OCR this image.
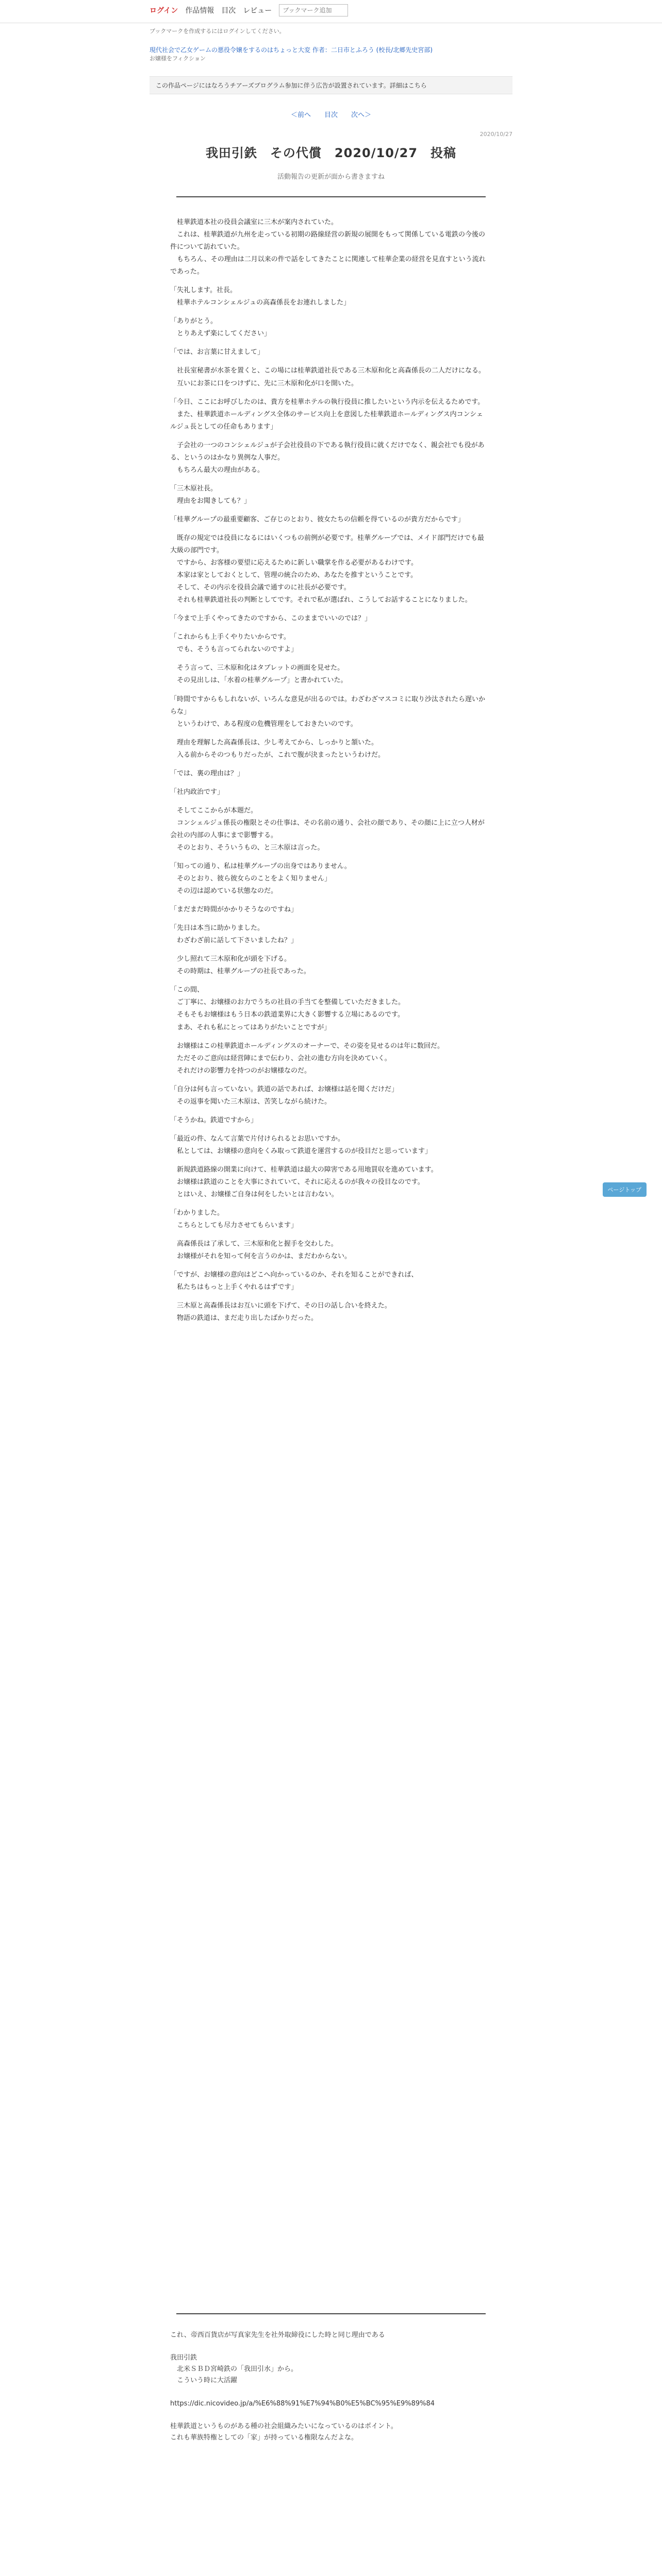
ログイン 作品情報 目次 レビュー
ブックマーク追加
ブックマークを作成するにはログインしてください。
現代社会で乙女ゲームの悪役令嬢をするのはちょっと大変 作者：二日市とふろう (校長/北郷先史宮部)
お嬢様をフィクション
この作品ページにはなろうチアーズプログラム参加に伴う広告が設置されています。詳細はこちら
＜前へ 目次 次へ＞
2020/10/27
我田引鉄　その代償　2020/10/27　投稿
活動報告の更新が面から書きますね
　桂華鉄道本社の役員会議室に三木が案内されていた。
　これは、桂華鉄道が九州を走っている初期の路線経営の新規の展開をもって関係している電鉄の今後の件について訪れていた。
　もちろん、その理由は二月以来の件で話をしてきたことに関連して桂華企業の経営を見直すという流れであった。
「失礼します。社長。
　桂華ホテルコンシェルジュの高森係長をお連れしました」
「ありがとう。
　とりあえず楽にしてください」
「では、お言葉に甘えまして」
　社長室秘書が水茶を置くと、この場には桂華鉄道社長である三木原和化と高森係長の二人だけになる。
　互いにお茶に口をつけずに、先に三木原和化が口を開いた。
「今日、ここにお呼びしたのは、貴方を桂華ホテルの執行役員に推したいという内示を伝えるためです。
　また、桂華鉄道ホールディングス全体のサービス向上を意図した桂華鉄道ホールディングス内コンシェルジュ長としての任命もあります」
　子会社の一つのコンシェルジュが子会社役員の下である執行役員に就くだけでなく、親会社でも役がある、というのはかなり異例な人事だ。
　もちろん最大の理由がある。
「三木原社長。
　理由をお聞きしても？」
「桂華グループの最重要顧客、ご存じのとおり、彼女たちの信頼を得ているのが貴方だからです」
　既存の規定では役員になるにはいくつもの前例が必要です。桂華グループでは、メイド部門だけでも最大級の部門です。
　ですから、お客様の要望に応えるために新しい職掌を作る必要があるわけです。
　本家は家としておくとして、管理の統合のため、あなたを推すということです。
　そして、その内示を役員会議で通すのに社長が必要です。
　それも桂華鉄道社長の判断としてです。それで私が選ばれ、こうしてお話することになりました。
「今まで上手くやってきたのですから、このままでいいのでは？」
「これからも上手くやりたいからです。
　でも、そうも言ってられないのですよ」
　そう言って、三木原和化はタブレットの画面を見せた。
　その見出しは、「水着の桂華グループ」と書かれていた。
「時間ですからもしれないが、いろんな意見が出るのでは。わざわざマスコミに取り沙汰されたら遅いからな」
　というわけで、ある程度の危機管理をしておきたいのです。
　理由を理解した高森係長は、少し考えてから、しっかりと頷いた。
　入る前からそのつもりだったが、これで腹が決まったというわけだ。
「では、裏の理由は？」
「社内政治です」
　そしてここからが本題だ。
　コンシェルジュ係長の権限とその仕事は、その名前の通り、会社の顔であり、その顔に上に立つ人材が会社の内部の人事にまで影響する。
　そのとおり、そういうもの、と三木原は言った。
「知っての通り、私は桂華グループの出身ではありません。
　そのとおり、彼ら彼女らのことをよく知りません」
　その辺は認めている状態なのだ。
「まだまだ時間がかかりそうなのですね」
「先日は本当に助かりました。
　わざわざ前に話して下さいましたね？」
　少し照れて三木原和化が頭を下げる。
　その時期は、桂華グループの社長であった。
「この間、
　ご丁寧に、お嬢様のお力でうちの社員の手当てを整備していただきました。
　そもそもお嬢様はもう日本の鉄道業界に大きく影響する立場にあるのです。
　まあ、それも私にとってはありがたいことですが」
　お嬢様はこの桂華鉄道ホールディングスのオーナーで、その姿を見せるのは年に数回だ。
　ただそのご意向は経営陣にまで伝わり、会社の進む方向を決めていく。
　それだけの影響力を持つのがお嬢様なのだ。
「自分は何も言っていない。鉄道の話であれば、お嬢様は話を聞くだけだ」
　その返事を聞いた三木原は、苦笑しながら続けた。
「そうかね。鉄道ですから」
「最近の件、なんて言葉で片付けられるとお思いですか。
　私としては、お嬢様の意向をくみ取って鉄道を運営するのが役目だと思っています」
　新規鉄道路線の開業に向けて、桂華鉄道は最大の障害である用地買収を進めています。
　お嬢様は鉄道のことを大事にされていて、それに応えるのが我々の役目なのです。
　とはいえ、お嬢様ご自身は何をしたいとは言わない。
「わかりました。
　こちらとしても尽力させてもらいます」
　高森係長は了承して、三木原和化と握手を交わした。
　お嬢様がそれを知って何を言うのかは、まだわからない。
「ですが、お嬢様の意向はどこへ向かっているのか、それを知ることができれば、
　私たちはもっと上手くやれるはずです」
　三木原と高森係長はお互いに頭を下げて、その日の話し合いを終えた。
　物語の鉄道は、まだ走り出したばかりだった。
これ、帝西百貨店が写真家先生を社外取締役にした時と同じ理由である

我田引鉄
　北米ＳＢＤ宮崎鉄の「我田引水」から。
　こういう時に大活躍

https://dic.nicovideo.jp/a/%E6%88%91%E7%94%B0%E5%BC%95%E9%89%84

桂華鉄道というものがある種の社会組織みたいになっているのはポイント。
これも華族特権としての「家」が持っている権限なんだよな。
ページトップ
